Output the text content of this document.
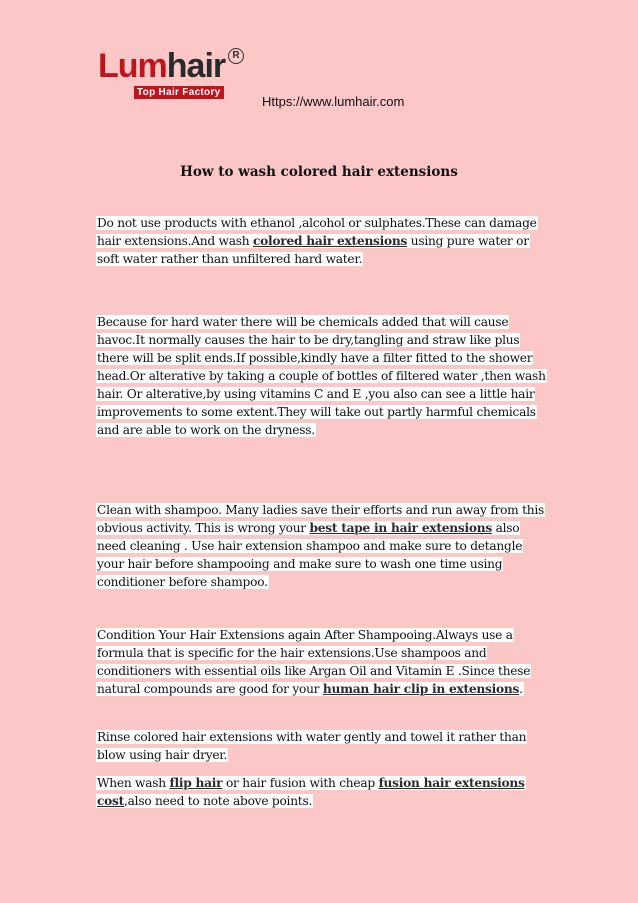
Lumhair R
Top Hair Factory
Https://www.lumhair.com
How to wash colored hair extensions
Do not use products with ethanol ,alcohol or sulphates.These can damage hair extensions.And wash colored hair extensions using pure water or soft water rather than unfiltered hard water.
Because for hard water there will be chemicals added that will cause havoc.It normally causes the hair to be dry,tangling and straw like plus there will be split ends.If possible,kindly have a filter fitted to the shower head.Or alterative by taking a couple of bottles of filtered water ,then wash hair. Or alterative,by using vitamins C and E ,you also can see a little hair improvements to some extent.They will take out partly harmful chemicals and are able to work on the dryness.
Clean with shampoo. Many ladies save their efforts and run away from this obvious activity. This is wrong your best tape in hair extensions also need cleaning . Use hair extension shampoo and make sure to detangle your hair before shampooing and make sure to wash one time using conditioner before shampoo.
Condition Your Hair Extensions again After Shampooing.Always use a formula that is specific for the hair extensions.Use shampoos and conditioners with essential oils like Argan Oil and Vitamin E .Since these natural compounds are good for your human hair clip in extensions.
Rinse colored hair extensions with water gently and towel it rather than blow using hair dryer.
When wash flip hair or hair fusion with cheap fusion hair extensions cost,also need to note above points.
